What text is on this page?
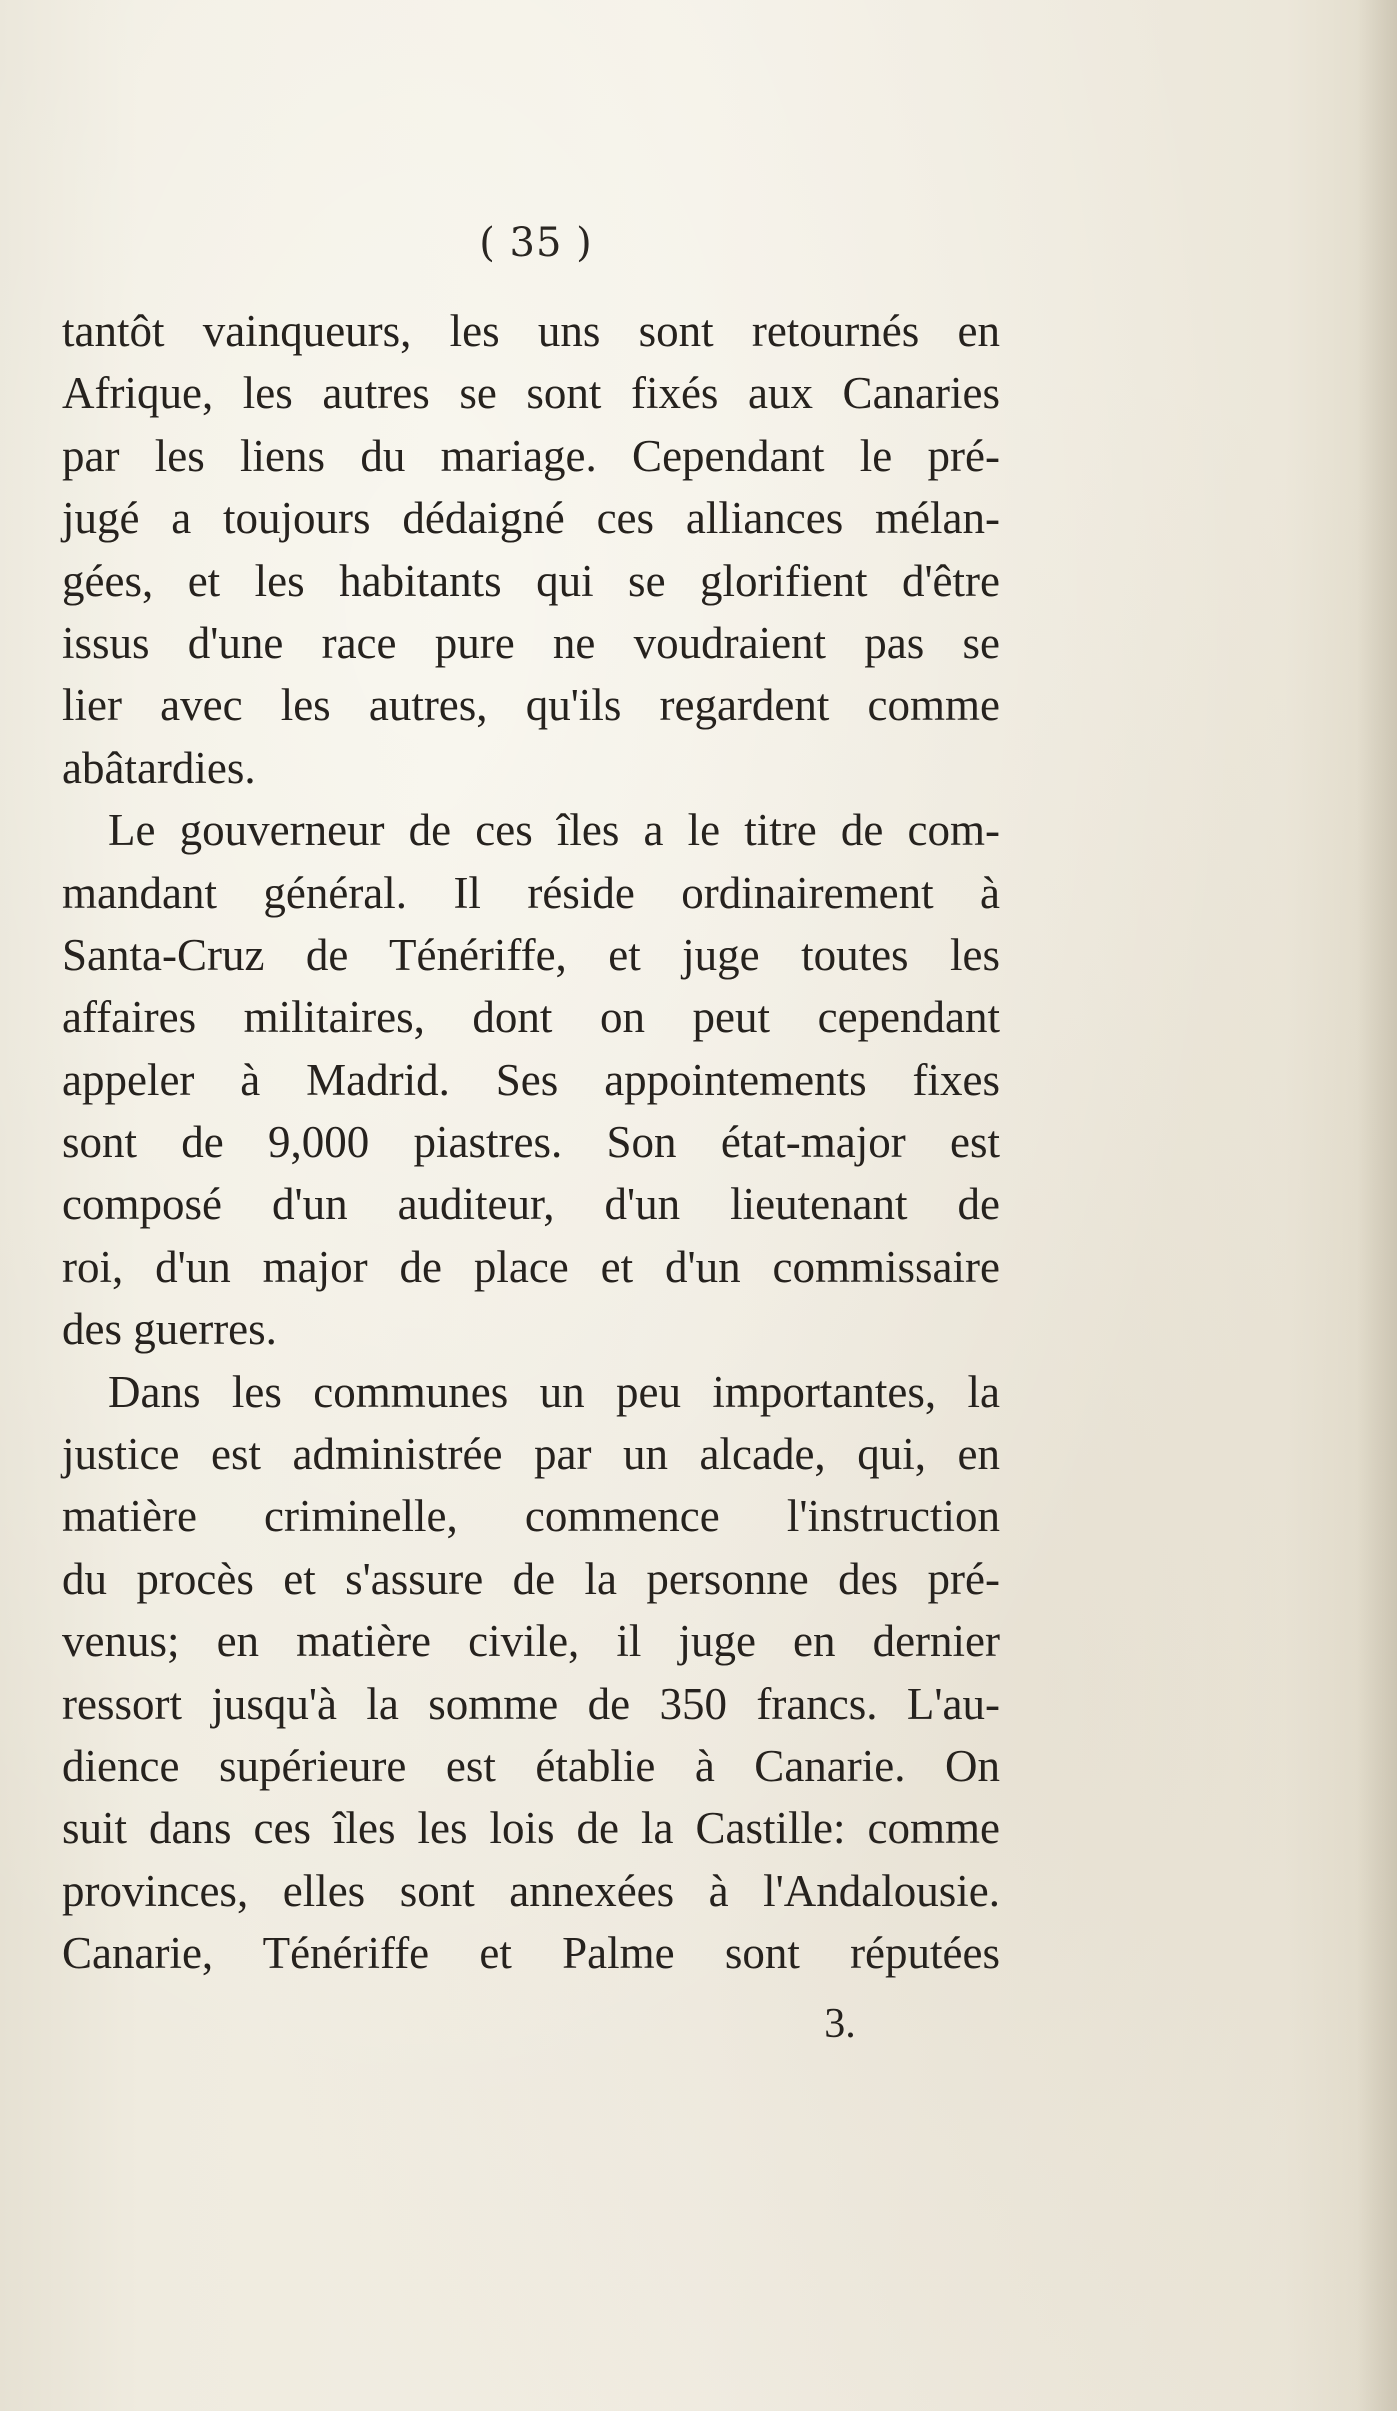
( 35 )
tantôt vainqueurs, les uns sont retournés en
Afrique, les autres se sont fixés aux Canaries
par les liens du mariage. Cependant le pré-
jugé a toujours dédaigné ces alliances mélan-
gées, et les habitants qui se glorifient d'être
issus d'une race pure ne voudraient pas se
lier avec les autres, qu'ils regardent comme
abâtardies.
Le gouverneur de ces îles a le titre de com-
mandant général. Il réside ordinairement à
Santa-Cruz de Ténériffe, et juge toutes les
affaires militaires, dont on peut cependant
appeler à Madrid. Ses appointements fixes
sont de 9,000 piastres. Son état-major est
composé d'un auditeur, d'un lieutenant de
roi, d'un major de place et d'un commissaire
des guerres.
Dans les communes un peu importantes, la
justice est administrée par un alcade, qui, en
matière criminelle, commence l'instruction
du procès et s'assure de la personne des pré-
venus; en matière civile, il juge en dernier
ressort jusqu'à la somme de 350 francs. L'au-
dience supérieure est établie à Canarie. On
suit dans ces îles les lois de la Castille: comme
provinces, elles sont annexées à l'Andalousie.
Canarie, Ténériffe et Palme sont réputées
3.
